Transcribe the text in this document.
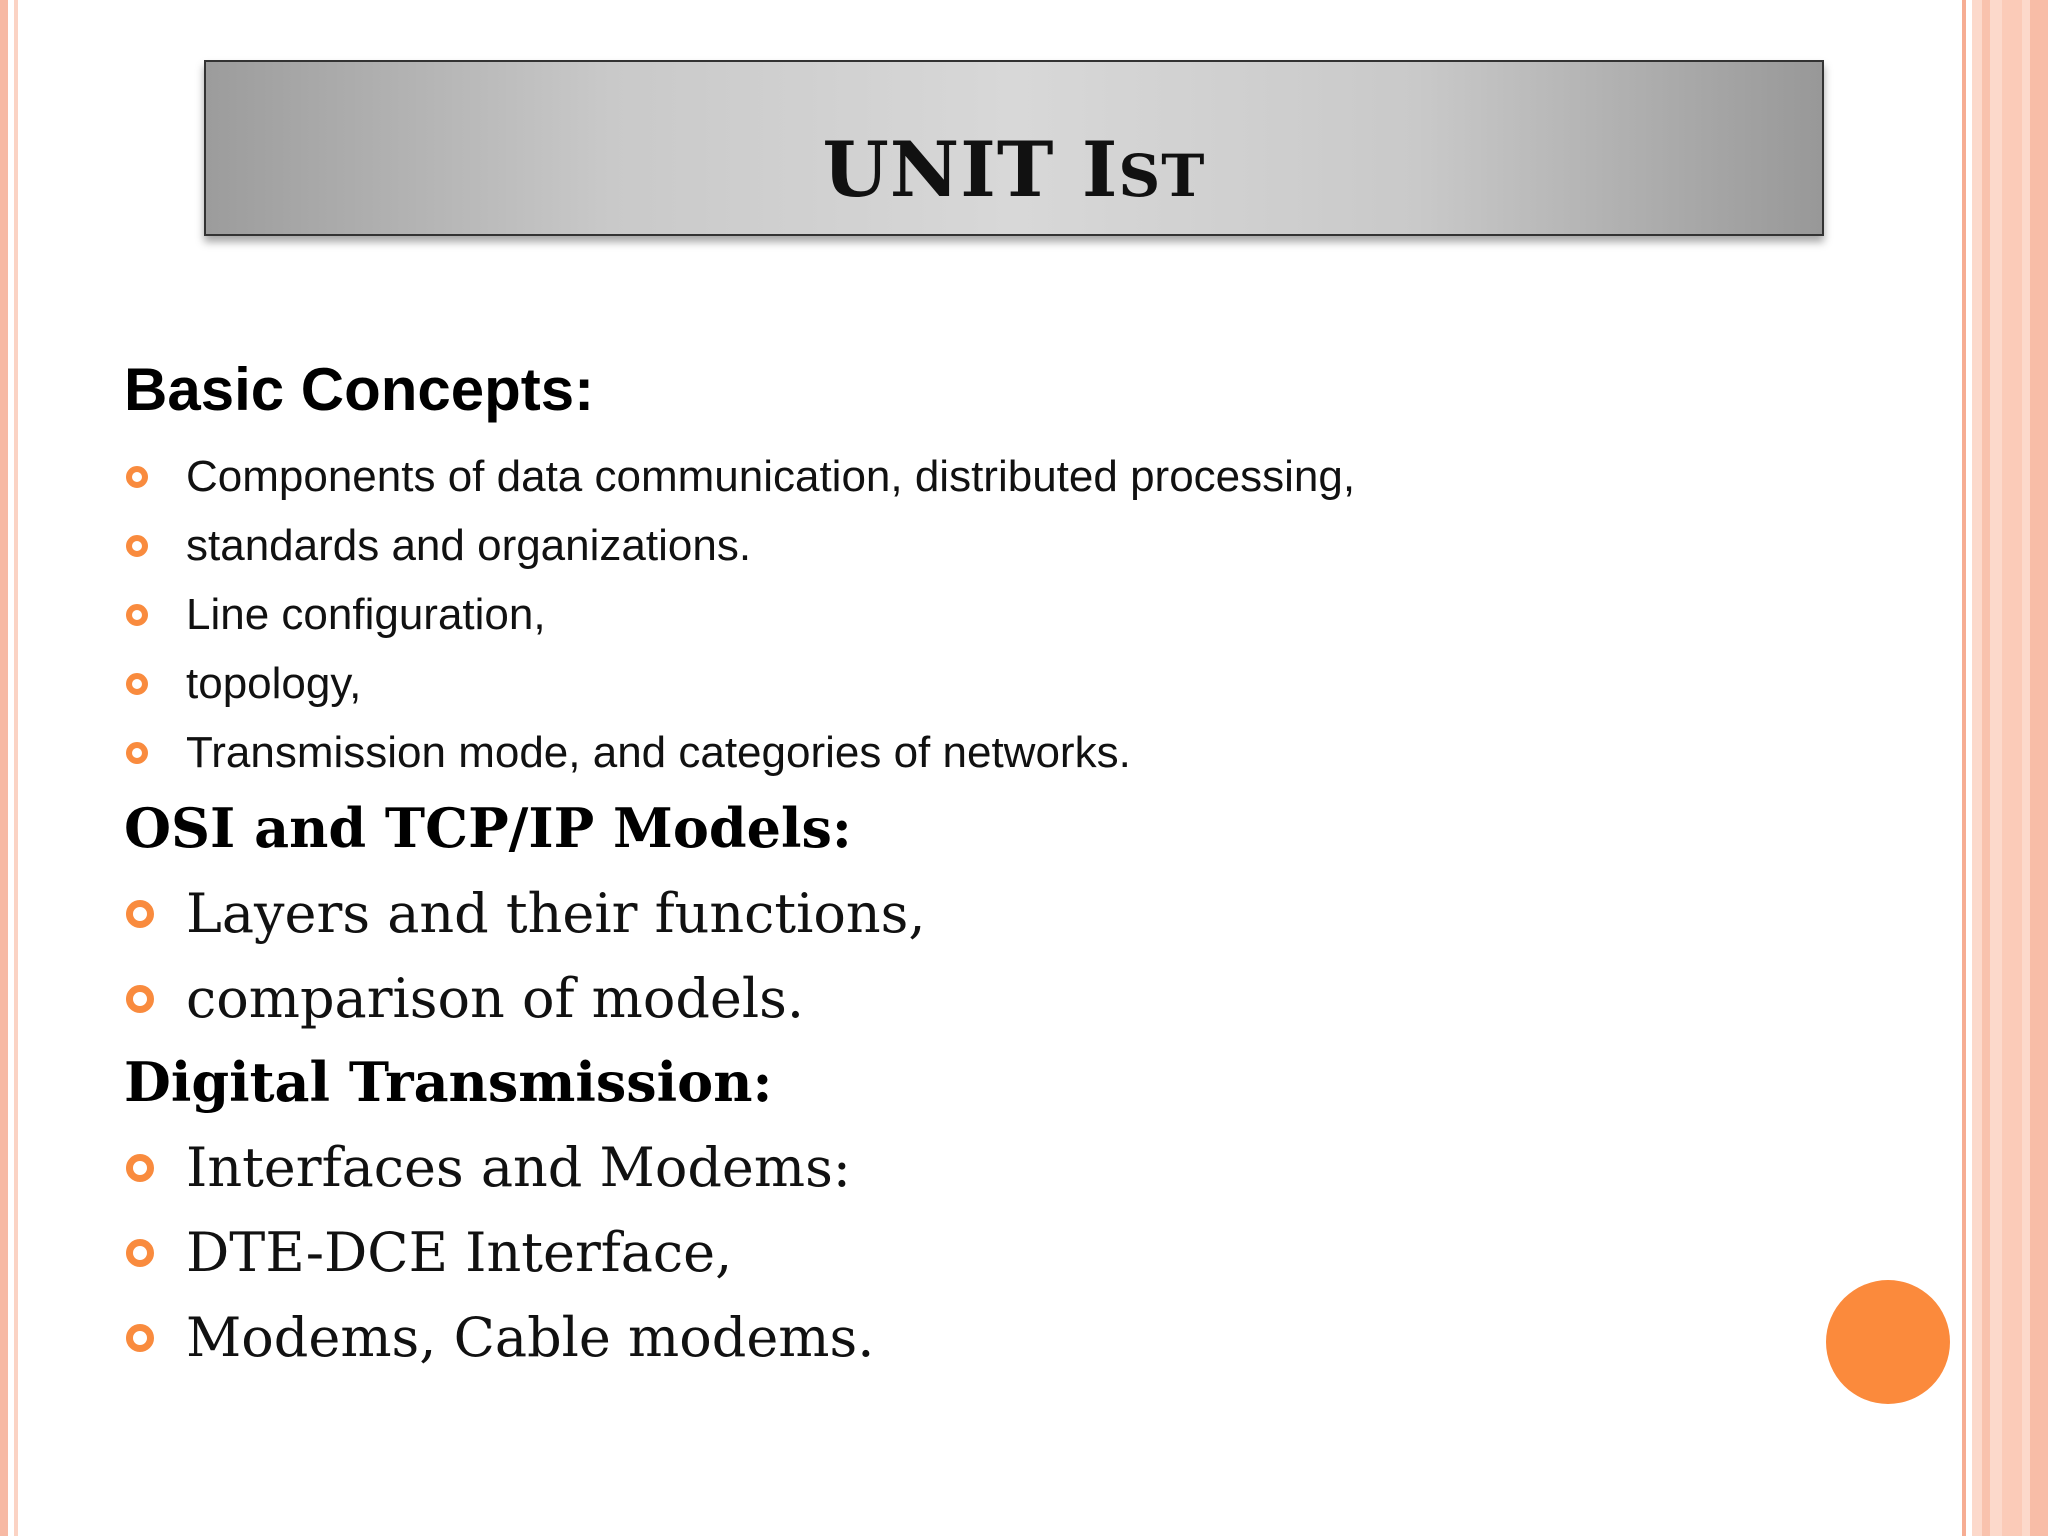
UNIT IST
Basic Concepts:
Components of data communication, distributed processing,
standards and organizations.
Line configuration,
topology,
Transmission mode, and categories of networks.
OSI and TCP/IP Models:
Layers and their functions,
comparison of models.
Digital Transmission:
Interfaces and Modems:
DTE-DCE Interface,
Modems, Cable modems.
